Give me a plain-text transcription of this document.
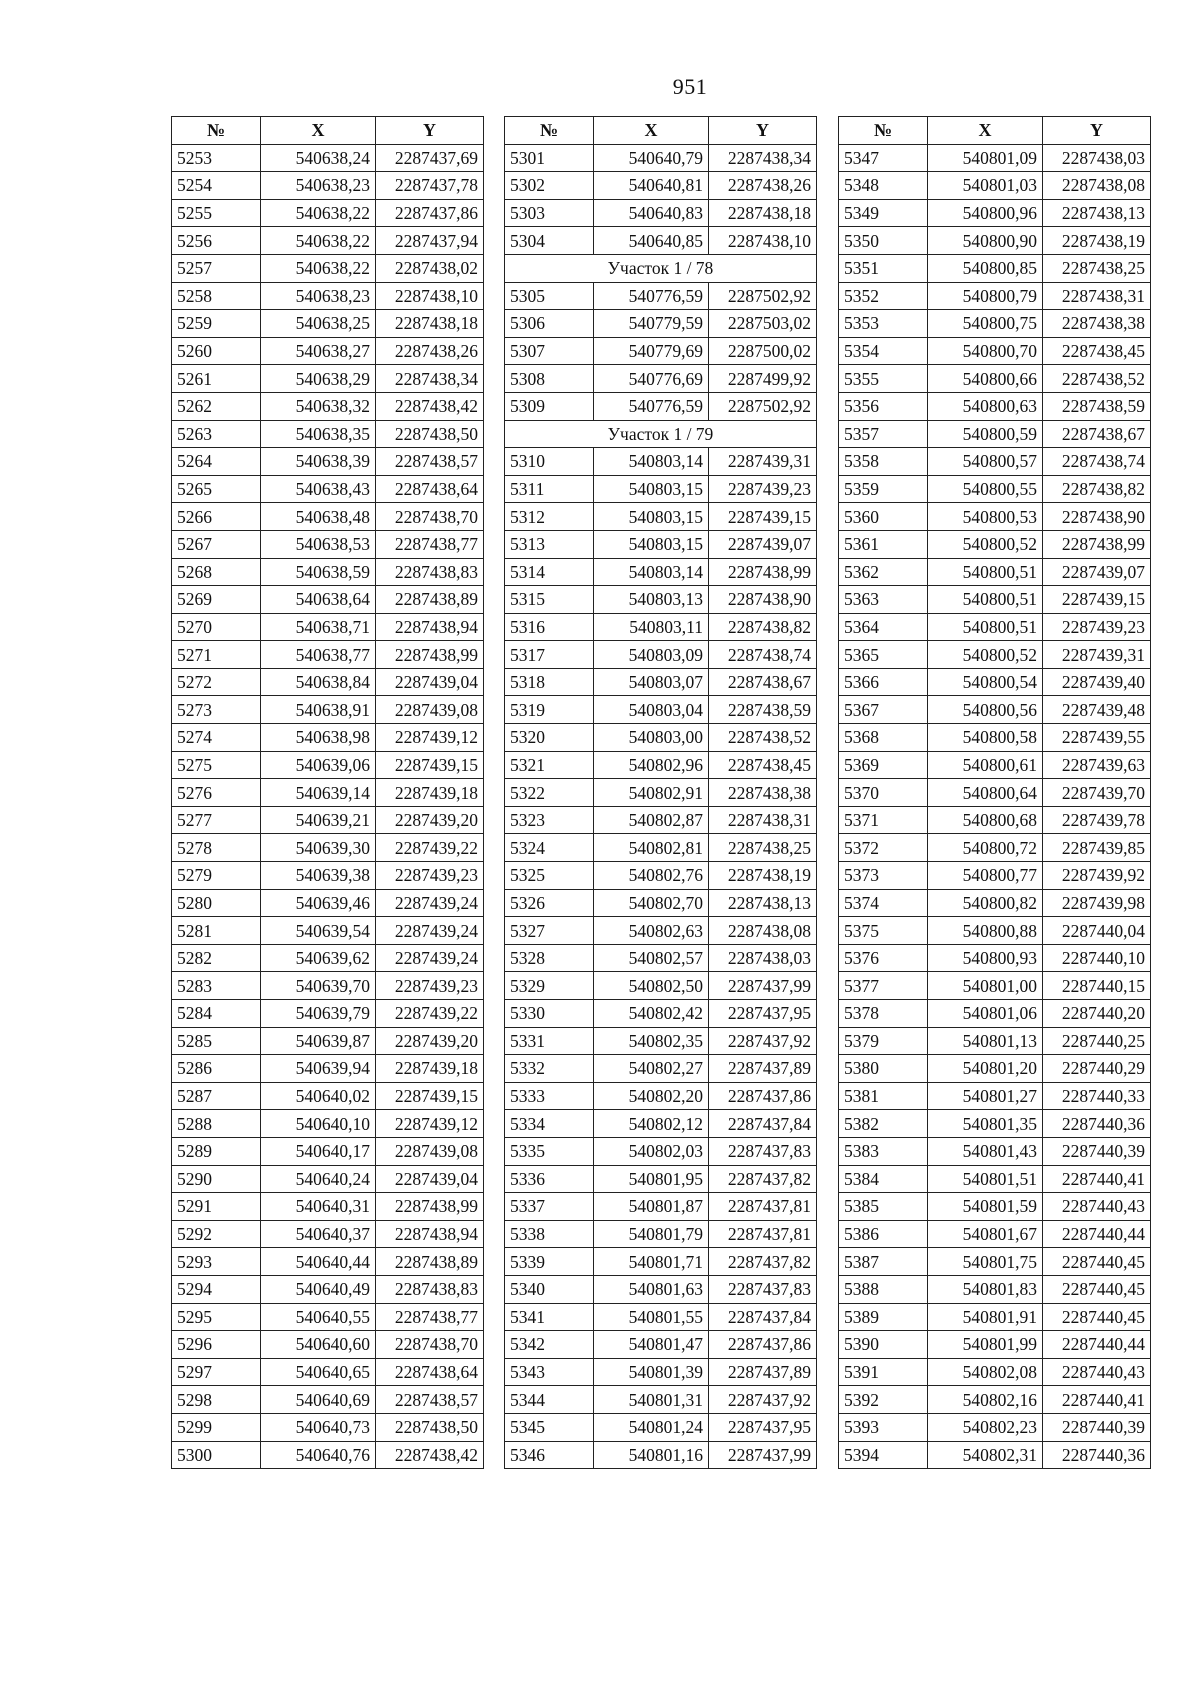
951
№	X	Y
5253	540638,24	2287437,69
5254	540638,23	2287437,78
5255	540638,22	2287437,86
5256	540638,22	2287437,94
5257	540638,22	2287438,02
5258	540638,23	2287438,10
5259	540638,25	2287438,18
5260	540638,27	2287438,26
5261	540638,29	2287438,34
5262	540638,32	2287438,42
5263	540638,35	2287438,50
5264	540638,39	2287438,57
5265	540638,43	2287438,64
5266	540638,48	2287438,70
5267	540638,53	2287438,77
5268	540638,59	2287438,83
5269	540638,64	2287438,89
5270	540638,71	2287438,94
5271	540638,77	2287438,99
5272	540638,84	2287439,04
5273	540638,91	2287439,08
5274	540638,98	2287439,12
5275	540639,06	2287439,15
5276	540639,14	2287439,18
5277	540639,21	2287439,20
5278	540639,30	2287439,22
5279	540639,38	2287439,23
5280	540639,46	2287439,24
5281	540639,54	2287439,24
5282	540639,62	2287439,24
5283	540639,70	2287439,23
5284	540639,79	2287439,22
5285	540639,87	2287439,20
5286	540639,94	2287439,18
5287	540640,02	2287439,15
5288	540640,10	2287439,12
5289	540640,17	2287439,08
5290	540640,24	2287439,04
5291	540640,31	2287438,99
5292	540640,37	2287438,94
5293	540640,44	2287438,89
5294	540640,49	2287438,83
5295	540640,55	2287438,77
5296	540640,60	2287438,70
5297	540640,65	2287438,64
5298	540640,69	2287438,57
5299	540640,73	2287438,50
5300	540640,76	2287438,42
№	X	Y
5301	540640,79	2287438,34
5302	540640,81	2287438,26
5303	540640,83	2287438,18
5304	540640,85	2287438,10
Участок 1 / 78		
5305	540776,59	2287502,92
5306	540779,59	2287503,02
5307	540779,69	2287500,02
5308	540776,69	2287499,92
5309	540776,59	2287502,92
Участок 1 / 79		
5310	540803,14	2287439,31
5311	540803,15	2287439,23
5312	540803,15	2287439,15
5313	540803,15	2287439,07
5314	540803,14	2287438,99
5315	540803,13	2287438,90
5316	540803,11	2287438,82
5317	540803,09	2287438,74
5318	540803,07	2287438,67
5319	540803,04	2287438,59
5320	540803,00	2287438,52
5321	540802,96	2287438,45
5322	540802,91	2287438,38
5323	540802,87	2287438,31
5324	540802,81	2287438,25
5325	540802,76	2287438,19
5326	540802,70	2287438,13
5327	540802,63	2287438,08
5328	540802,57	2287438,03
5329	540802,50	2287437,99
5330	540802,42	2287437,95
5331	540802,35	2287437,92
5332	540802,27	2287437,89
5333	540802,20	2287437,86
5334	540802,12	2287437,84
5335	540802,03	2287437,83
5336	540801,95	2287437,82
5337	540801,87	2287437,81
5338	540801,79	2287437,81
5339	540801,71	2287437,82
5340	540801,63	2287437,83
5341	540801,55	2287437,84
5342	540801,47	2287437,86
5343	540801,39	2287437,89
5344	540801,31	2287437,92
5345	540801,24	2287437,95
5346	540801,16	2287437,99
№	X	Y
5347	540801,09	2287438,03
5348	540801,03	2287438,08
5349	540800,96	2287438,13
5350	540800,90	2287438,19
5351	540800,85	2287438,25
5352	540800,79	2287438,31
5353	540800,75	2287438,38
5354	540800,70	2287438,45
5355	540800,66	2287438,52
5356	540800,63	2287438,59
5357	540800,59	2287438,67
5358	540800,57	2287438,74
5359	540800,55	2287438,82
5360	540800,53	2287438,90
5361	540800,52	2287438,99
5362	540800,51	2287439,07
5363	540800,51	2287439,15
5364	540800,51	2287439,23
5365	540800,52	2287439,31
5366	540800,54	2287439,40
5367	540800,56	2287439,48
5368	540800,58	2287439,55
5369	540800,61	2287439,63
5370	540800,64	2287439,70
5371	540800,68	2287439,78
5372	540800,72	2287439,85
5373	540800,77	2287439,92
5374	540800,82	2287439,98
5375	540800,88	2287440,04
5376	540800,93	2287440,10
5377	540801,00	2287440,15
5378	540801,06	2287440,20
5379	540801,13	2287440,25
5380	540801,20	2287440,29
5381	540801,27	2287440,33
5382	540801,35	2287440,36
5383	540801,43	2287440,39
5384	540801,51	2287440,41
5385	540801,59	2287440,43
5386	540801,67	2287440,44
5387	540801,75	2287440,45
5388	540801,83	2287440,45
5389	540801,91	2287440,45
5390	540801,99	2287440,44
5391	540802,08	2287440,43
5392	540802,16	2287440,41
5393	540802,23	2287440,39
5394	540802,31	2287440,36
